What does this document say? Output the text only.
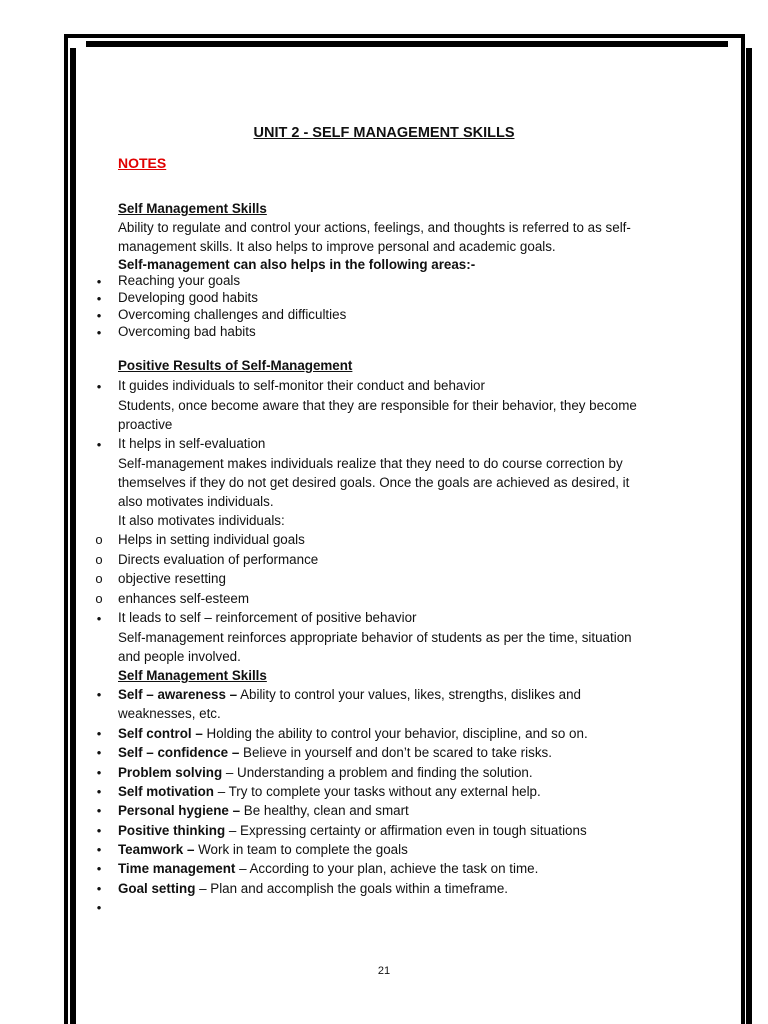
UNIT 2 - SELF MANAGEMENT SKILLS
NOTES
Self Management Skills
Ability to regulate and control your actions, feelings, and thoughts is referred to as self-
management skills. It also helps to improve personal and academic goals.
Self-management can also helps in the following areas:-
• Reaching your goals
• Developing good habits
• Overcoming challenges and difficulties
• Overcoming bad habits
Positive Results of Self-Management
• It guides individuals to self-monitor their conduct and behavior
Students, once become aware that they are responsible for their behavior, they become
proactive
• It helps in self-evaluation
Self-management makes individuals realize that they need to do course correction by
themselves if they do not get desired goals. Once the goals are achieved as desired, it
also motivates individuals.
It also motivates individuals:
o Helps in setting individual goals
o Directs evaluation of performance
o objective resetting
o enhances self-esteem
• It leads to self – reinforcement of positive behavior
Self-management reinforces appropriate behavior of students as per the time, situation
and people involved.
Self Management Skills
• Self – awareness – Ability to control your values, likes, strengths, dislikes and
weaknesses, etc.
• Self control – Holding the ability to control your behavior, discipline, and so on.
• Self – confidence – Believe in yourself and don’t be scared to take risks.
• Problem solving – Understanding a problem and finding the solution.
• Self motivation – Try to complete your tasks without any external help.
• Personal hygiene – Be healthy, clean and smart
• Positive thinking – Expressing certainty or affirmation even in tough situations
• Teamwork – Work in team to complete the goals
• Time management – According to your plan, achieve the task on time.
• Goal setting – Plan and accomplish the goals within a timeframe.
•
21
